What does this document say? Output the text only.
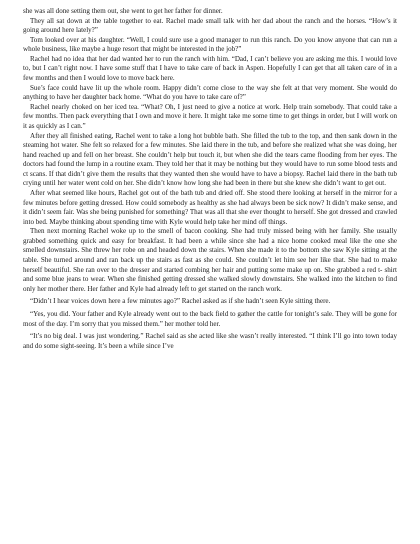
she was all done setting them out, she went to get her father for dinner.

They all sat down at the table together to eat. Rachel made small talk with her dad about the ranch and the horses. “How’s it going around here lately?”

Tom looked over at his daughter. “Well, I could sure use a good manager to run this ranch. Do you know anyone that can run a whole business, like maybe a huge resort that might be interested in the job?”

Rachel had no idea that her dad wanted her to run the ranch with him. “Dad, I can’t believe you are asking me this. I would love to, but I can’t right now. I have some stuff that I have to take care of back in Aspen. Hopefully I can get that all taken care of in a few months and then I would love to move back here.

Sue’s face could have lit up the whole room. Happy didn’t come close to the way she felt at that very moment. She would do anything to have her daughter back home. “What do you have to take care of?”

Rachel nearly choked on her iced tea. “What? Oh, I just need to give a notice at work. Help train somebody. That could take a few months. Then pack everything that I own and move it here. It might take me some time to get things in order, but I will work on it as quickly as I can.”

After they all finished eating, Rachel went to take a long hot bubble bath. She filled the tub to the top, and then sank down in the steaming hot water. She felt so relaxed for a few minutes. She laid there in the tub, and before she realized what she was doing, her hand reached up and fell on her breast. She couldn’t help but touch it, but when she did the tears came flooding from her eyes. The doctors had found the lump in a routine exam. They told her that it may be nothing but they would have to run some blood tests and ct scans. If that didn’t give them the results that they wanted then she would have to have a biopsy. Rachel laid there in the bath tub crying until her water went cold on her. She didn’t know how long she had been in there but she knew she didn’t want to get out.

After what seemed like hours, Rachel got out of the bath tub and dried off. She stood there looking at herself in the mirror for a few minutes before getting dressed. How could somebody as healthy as she had always been be sick now? It didn’t make sense, and it didn’t seem fair. Was she being punished for something? That was all that she ever thought to herself. She got dressed and crawled into bed. Maybe thinking about spending time with Kyle would help take her mind off things.

Then next morning Rachel woke up to the smell of bacon cooking. She had truly missed being with her family. She usually grabbed something quick and easy for breakfast. It had been a while since she had a nice home cooked meal like the one she smelled downstairs. She threw her robe on and headed down the stairs. When she made it to the bottom she saw Kyle sitting at the table. She turned around and ran back up the stairs as fast as she could. She couldn’t let him see her like that. She had to make herself beautiful. She ran over to the dresser and started combing her hair and putting some make up on. She grabbed a red t- shirt and some blue jeans to wear. When she finished getting dressed she walked slowly downstairs. She walked into the kitchen to find only her mother there. Her father and Kyle had already left to get started on the ranch work.

“Didn’t I hear voices down here a few minutes ago?” Rachel asked as if she hadn’t seen Kyle sitting there.

“Yes, you did. Your father and Kyle already went out to the back field to gather the cattle for tonight’s sale. They will be gone for most of the day. I’m sorry that you missed them.” her mother told her.

“It’s no big deal. I was just wondering.” Rachel said as she acted like she wasn’t really interested. “I think I’ll go into town today and do some sight-seeing. It’s been a while since I’ve
